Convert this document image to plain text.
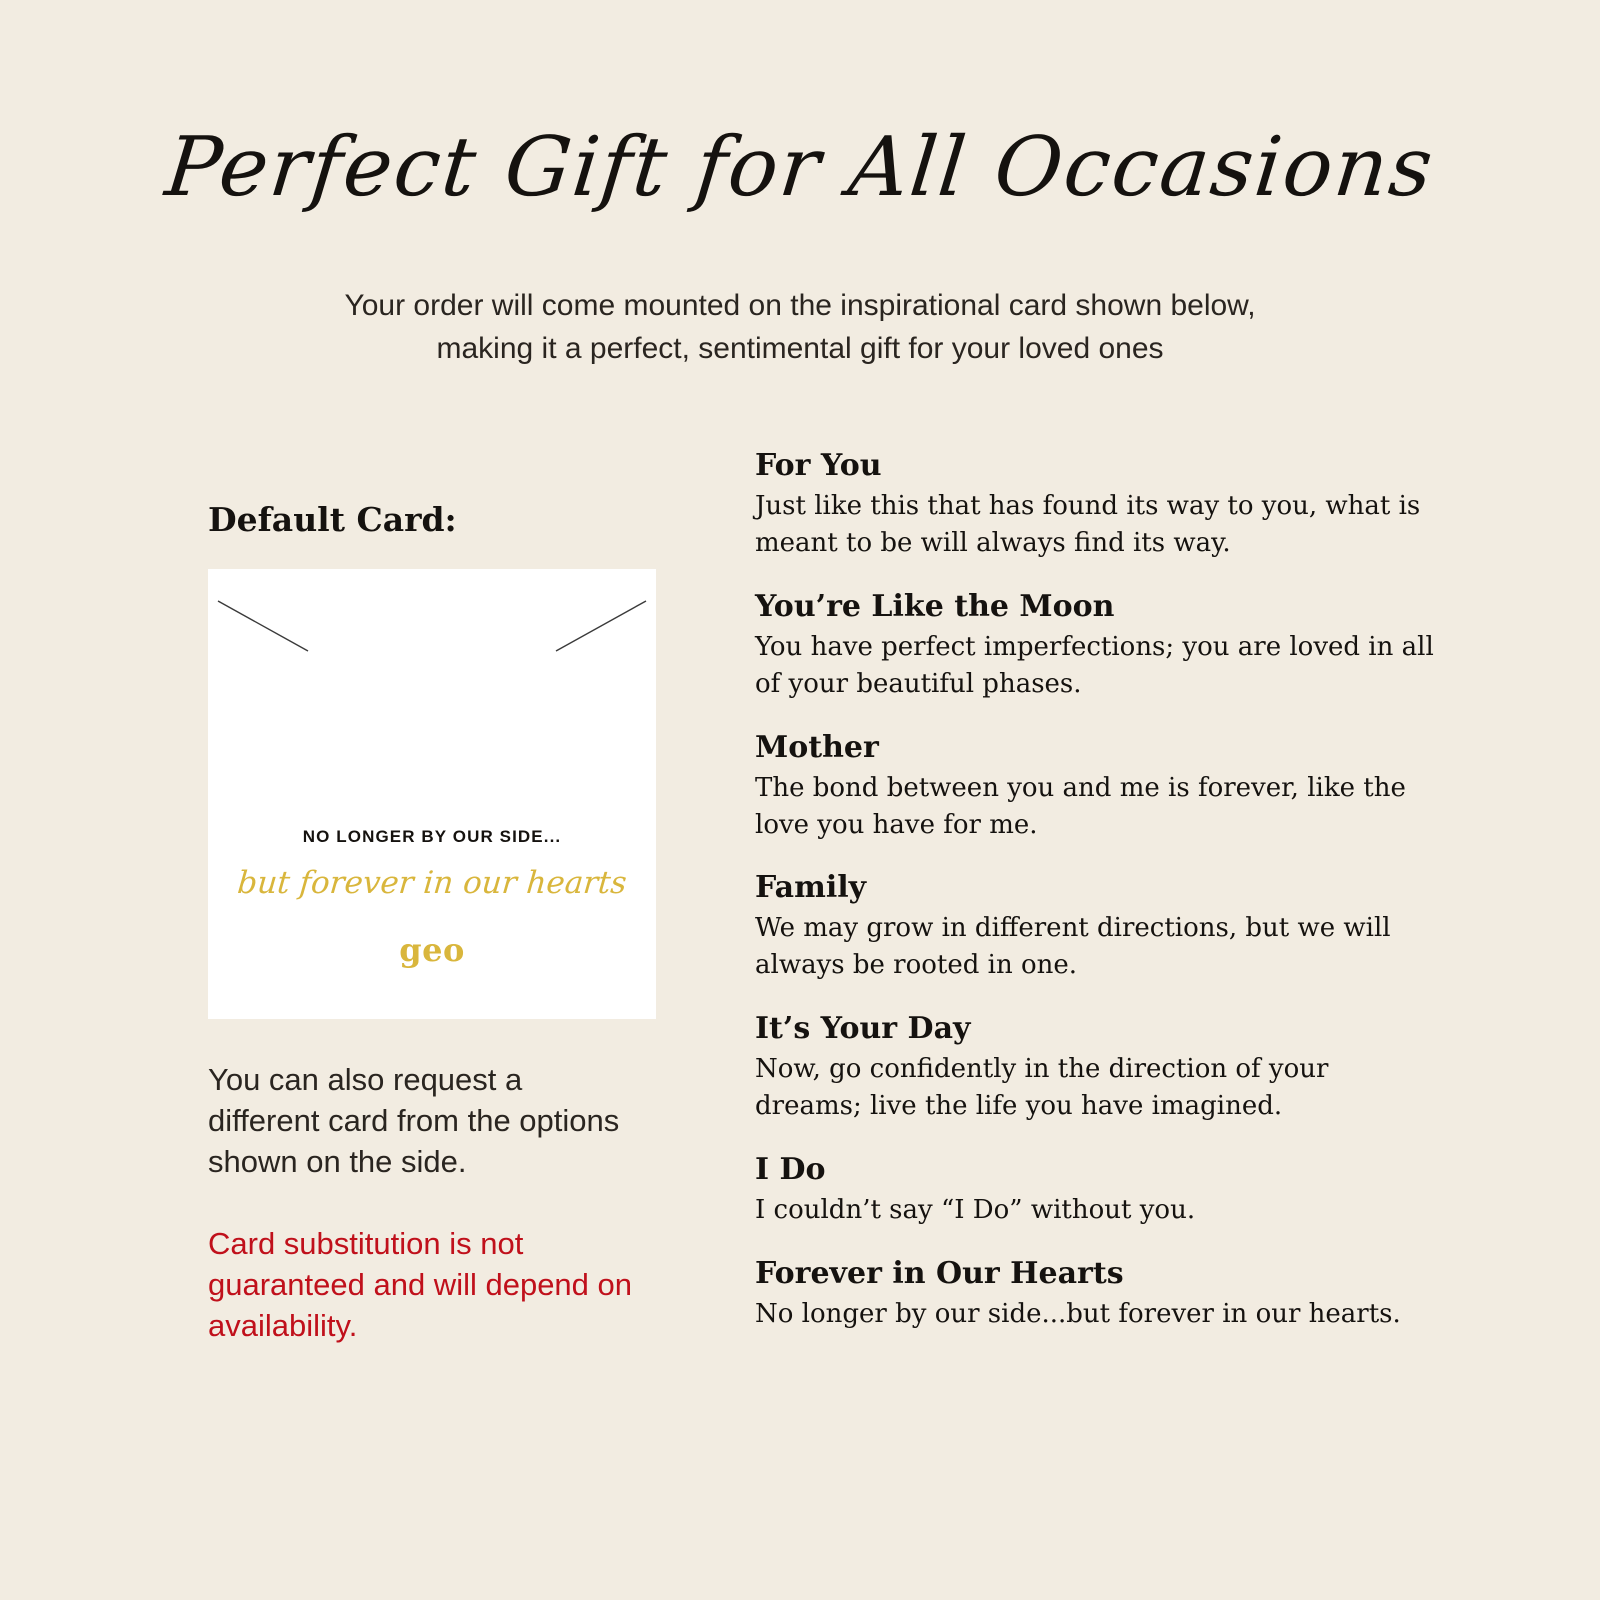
Perfect Gift for All Occasions
Your order will come mounted on the inspirational card shown below,
making it a perfect, sentimental gift for your loved ones
Default Card:
NO LONGER BY OUR SIDE...
but forever in our hearts
geo
You can also request a different card from the options shown on the side.
Card substitution is not guaranteed and will depend on availability.
For You
Just like this that has found its way to you, what is meant to be will always find its way.
You’re Like the Moon
You have perfect imperfections; you are loved in all of your beautiful phases.
Mother
The bond between you and me is forever, like the love you have for me.
Family
We may grow in different directions, but we will always be rooted in one.
It’s Your Day
Now, go confidently in the direction of your dreams; live the life you have imagined.
I Do
I couldn’t say “I Do” without you.
Forever in Our Hearts
No longer by our side...but forever in our hearts.
